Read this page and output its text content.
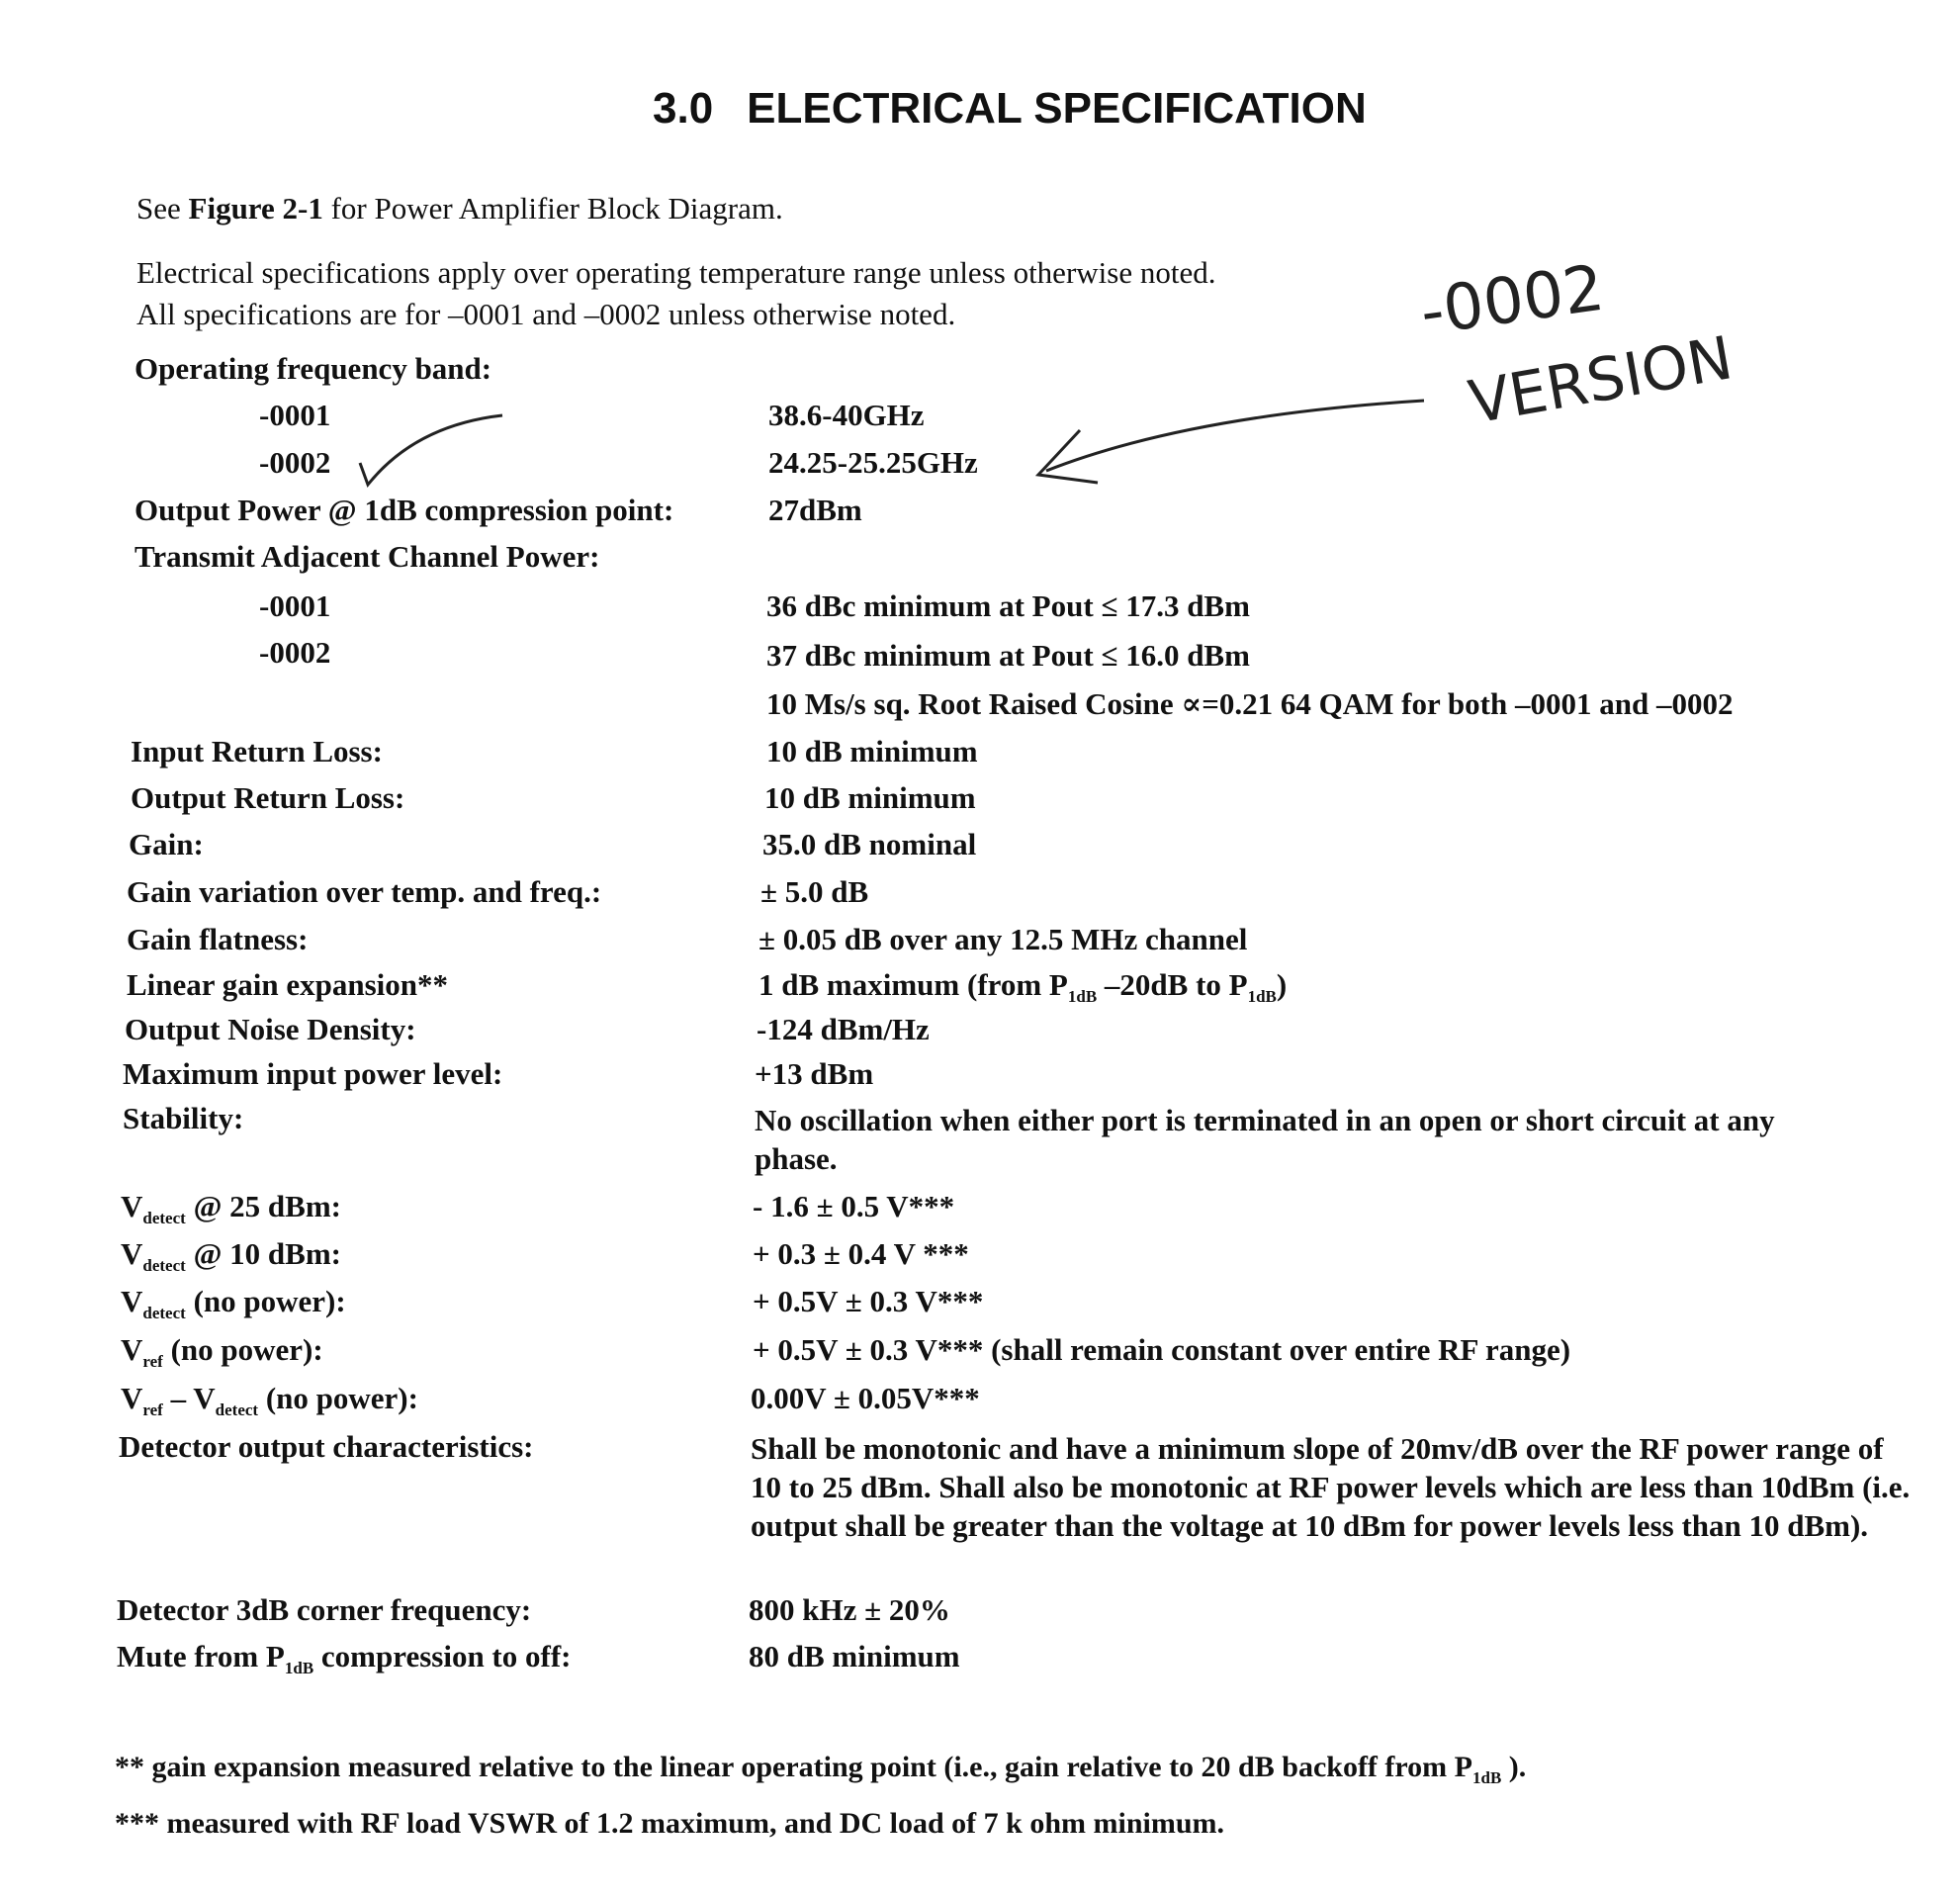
3.0 ELECTRICAL SPECIFICATION
See Figure 2-1 for Power Amplifier Block Diagram.
Electrical specifications apply over operating temperature range unless otherwise noted.
All specifications are for –0001 and –0002 unless otherwise noted.
Operating frequency band:
-0001	38.6-40GHz
-0002	24.25-25.25GHz
Output Power @ 1dB compression point:	27dBm
Transmit Adjacent Channel Power:
-0001	36 dBc minimum at Pout ≤ 17.3 dBm
-0002	37 dBc minimum at Pout ≤ 16.0 dBm
10 Ms/s sq. Root Raised Cosine ∝=0.21 64 QAM for both –0001 and –0002
Input Return Loss:	10 dB minimum
Output Return Loss:	10 dB minimum
Gain:	35.0 dB nominal
Gain variation over temp. and freq.:	± 5.0 dB
Gain flatness:	± 0.05 dB over any 12.5 MHz channel
Linear gain expansion**	1 dB maximum (from $P_{1dB}$ –20dB to $P_{1dB}$)
Output Noise Density:	-124 dBm/Hz
Maximum input power level:	+13 dBm
Stability:	No oscillation when either port is terminated in an open or short circuit at any phase.
$V_{detect}$ @ 25 dBm:	- 1.6 ± 0.5 V***
$V_{detect}$ @ 10 dBm:	+ 0.3 ± 0.4 V ***
$V_{detect}$ (no power):	+ 0.5V ± 0.3 V***
$V_{ref}$ (no power):	+ 0.5V ± 0.3 V*** (shall remain constant over entire RF range)
$V_{ref} - V_{detect}$ (no power):	0.00V ± 0.05V***
Detector output characteristics:	Shall be monotonic and have a minimum slope of 20mv/dB over the RF power range of 10 to 25 dBm. Shall also be monotonic at RF power levels which are less than 10dBm (i.e. output shall be greater than the voltage at 10 dBm for power levels less than 10 dBm).
Detector 3dB corner frequency:	800 kHz ± 20%
Mute from $P_{1dB}$ compression to off:	80 dB minimum
** gain expansion measured relative to the linear operating point (i.e., gain relative to 20 dB backoff from $P_{1dB}$ ).
*** measured with RF load VSWR of 1.2 maximum, and DC load of 7 k ohm minimum.
-0002
VERSION
